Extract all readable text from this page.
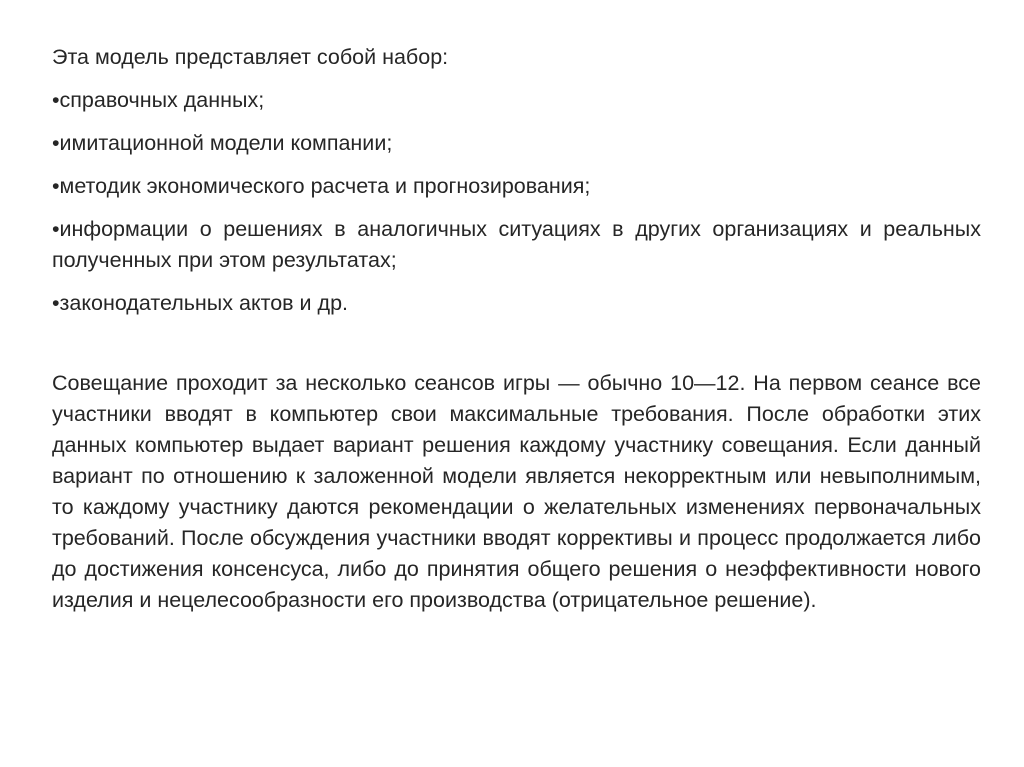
Эта модель представляет собой набор:

•справочных данных;
•имитационной модели компании;
•методик экономического расчета и прогнозирования;
•информации о решениях в аналогичных ситуациях в других организациях и реальных полученных при этом результатах;
•законодательных актов и др.

Совещание проходит за несколько сеансов игры — обычно 10—12. На первом сеансе все участники вводят в компьютер свои максимальные требования. После обработки этих данных компьютер выдает вариант решения каждому участнику совещания. Если данный вариант по отношению к заложенной модели является некорректным или невыполнимым, то каждому участнику даются рекомендации о желательных изменениях первоначальных требований. После обсуждения участники вводят коррективы и процесс продолжается либо до достижения консенсуса, либо до принятия общего решения о неэффективности нового изделия и нецелесообразности его производства (отрицательное решение).
